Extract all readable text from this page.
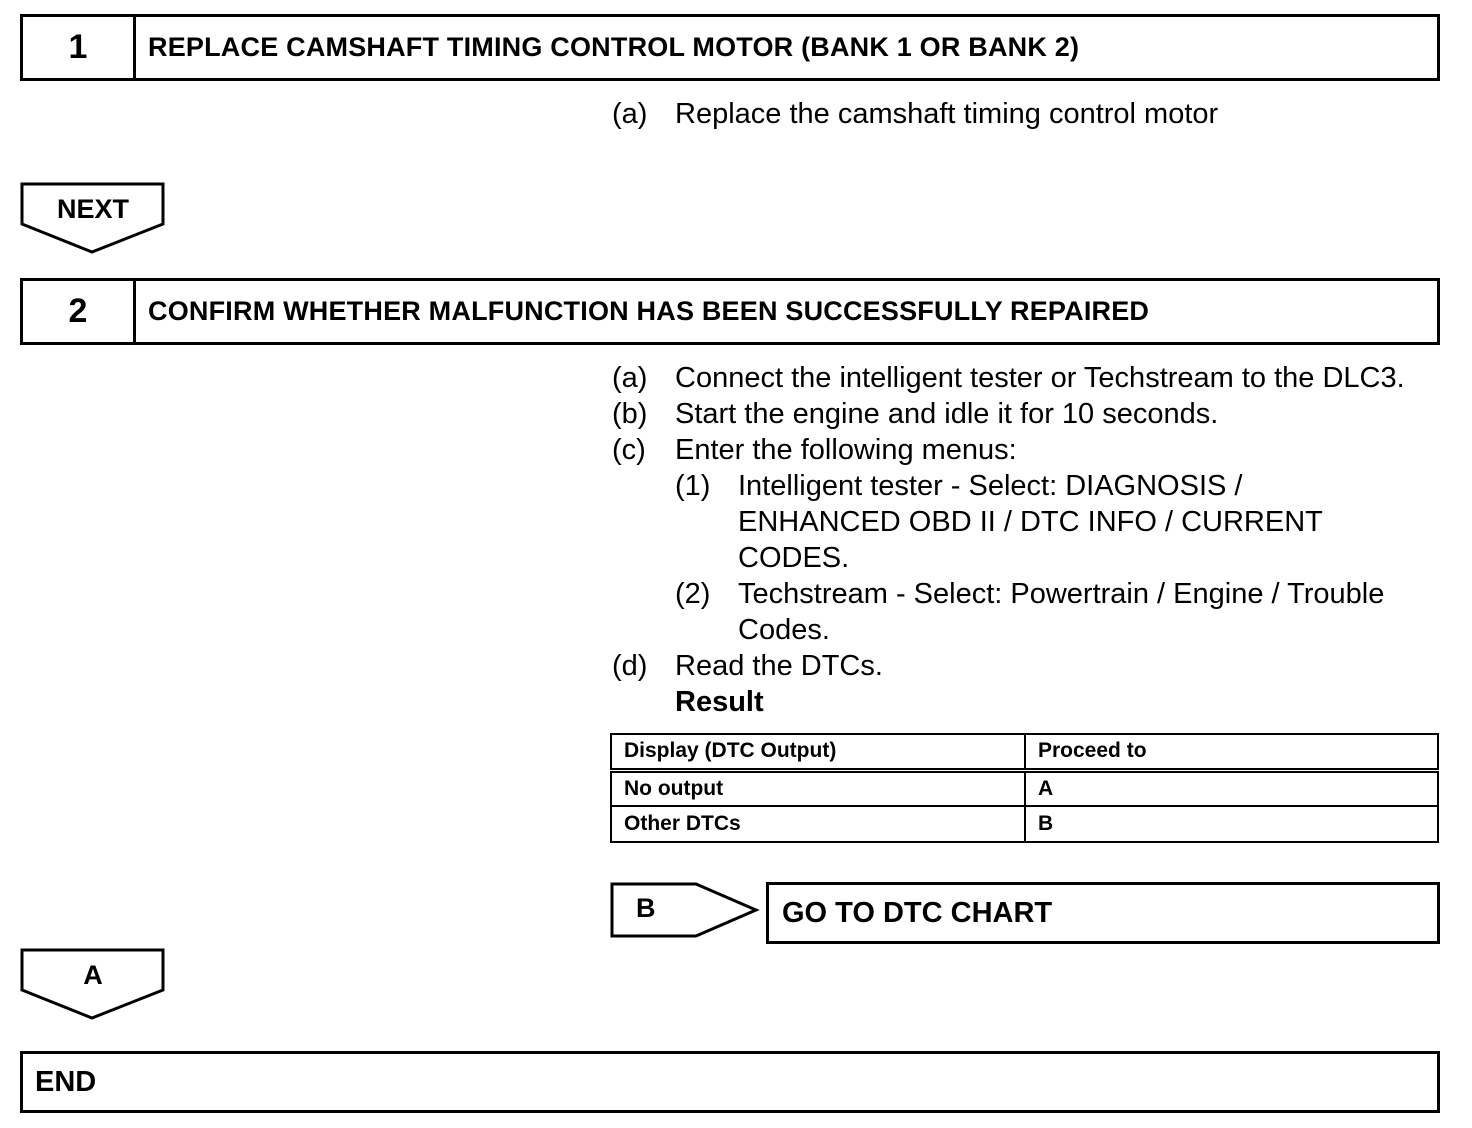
1	REPLACE CAMSHAFT TIMING CONTROL MOTOR (BANK 1 OR BANK 2)
(a) Replace the camshaft timing control motor
NEXT
2	CONFIRM WHETHER MALFUNCTION HAS BEEN SUCCESSFULLY REPAIRED
(a) Connect the intelligent tester or Techstream to the DLC3.
(b) Start the engine and idle it for 10 seconds.
(c) Enter the following menus:
(1) Intelligent tester - Select: DIAGNOSIS /
ENHANCED OBD II / DTC INFO / CURRENT
CODES.
(2) Techstream - Select: Powertrain / Engine / Trouble
Codes.
(d) Read the DTCs.
Result
Display (DTC Output)	Proceed to
No output	A
Other DTCs	B
B	GO TO DTC CHART
A
END
